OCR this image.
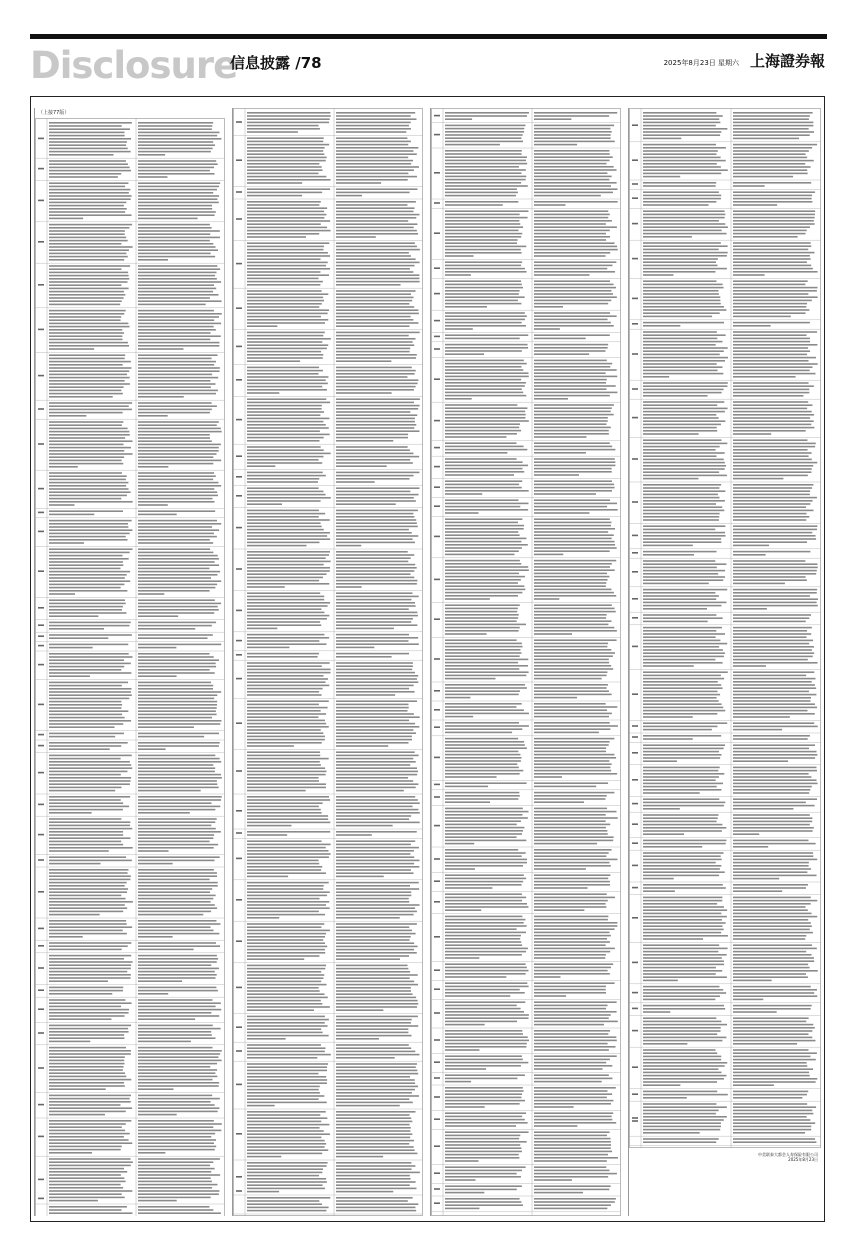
Disclosure
信息披露 /78	2025年8月23日 星期六 上海證券報
（上接77版）
中美联泰大都会人寿保险有限公司
2025年8月23日
